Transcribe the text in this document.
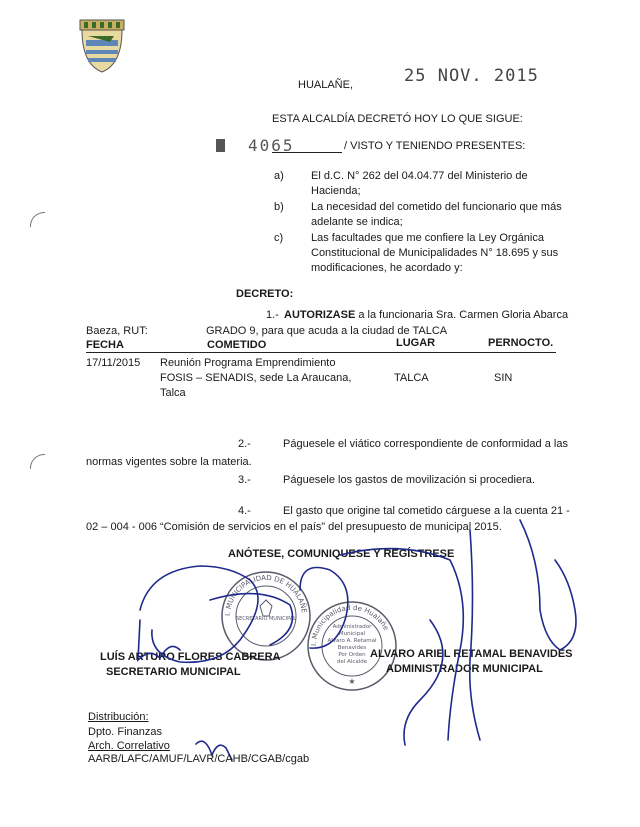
HUALAÑE,	25 NOV. 2015
ESTA ALCALDÍA DECRETÓ HOY LO QUE SIGUE:
4065	/ VISTO Y TENIENDO PRESENTES:
a) El d.C. N° 262 del 04.04.77 del Ministerio de
Hacienda;
b) La necesidad del cometido del funcionario que más
adelante se indica;
c)	Las facultades que me confiere la Ley Orgánica
Constitucional de Municipalidades N° 18.695 y sus
modificaciones, he acordado y:
DECRETO:
1.- AUTORIZASE a la funcionaria Sra. Carmen Gloria Abarca
Baeza, RUT:	GRADO 9, para que acuda a la ciudad de TALCA
FECHA	COMETIDO	LUGAR	PERNOCTO.
17/11/2015 Reunión Programa Emprendimiento
FOSIS – SENADIS, sede La Araucana,
Talca
TALCA	SIN
2.-	Páguesele el viático correspondiente de conformidad a las
normas vigentes sobre la materia.
3.-	Páguesele los gastos de movilización si procediera.
4.-	El gasto que origine tal cometido cárguese a la cuenta 21 -
02 – 004 - 006 “Comisión de servicios en el país” del presupuesto de municipal 2015.
ANÓTESE, COMUNIQUESE Y REGÍSTRESE
I. MUNICIPALIDAD DE HUALAÑE
SECRETARIO MUNICIPAL
I. Municipalidad de Hualañe
Administrador
Municipal
Alvaro A. Retamal
Benavides
Por Orden
del Alcalde
★
LUÍS ARTURO FLORES CABRERA
SECRETARIO MUNICIPAL
ALVARO ARIEL RETAMAL BENAVIDES
ADMINISTRADOR MUNICIPAL
Distribución:
Dpto. Finanzas
Arch. Correlativo
AARB/LAFC/AMUF/LAVR/CAHB/CGAB/cgab
